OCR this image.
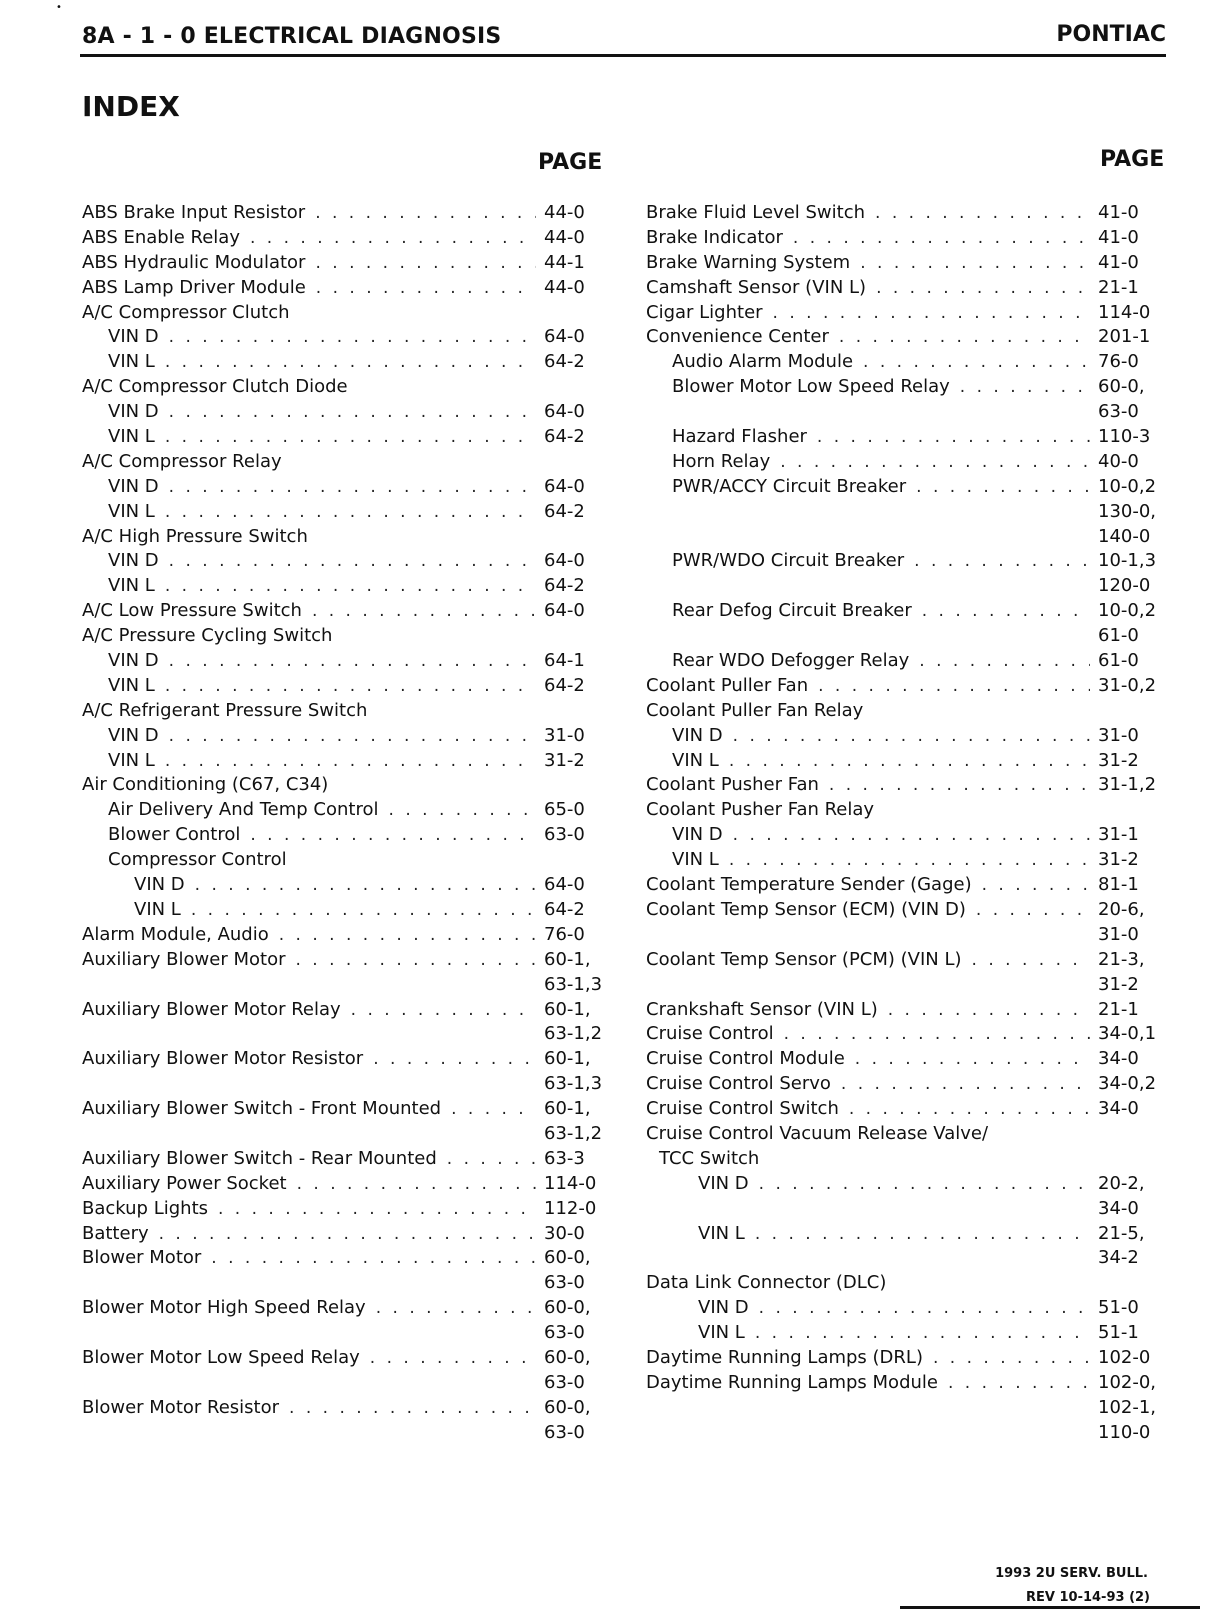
•
8A - 1 - 0 ELECTRICAL DIAGNOSIS	PONTIAC
INDEX
PAGE
ABS Brake Input Resistor . . .	44-0
ABS Enable Relay . . .	44-0
ABS Hydraulic Modulator . . .	44-1
ABS Lamp Driver Module . . .	44-0
A/C Compressor Clutch
VIN D . . .	64-0
VIN L . . .	64-2
A/C Compressor Clutch Diode
VIN D . . .	64-0
VIN L . . .	64-2
A/C Compressor Relay
VIN D . . .	64-0
VIN L . . .	64-2
A/C High Pressure Switch
VIN D . . .	64-0
VIN L . . .	64-2
A/C Low Pressure Switch . . .	64-0
A/C Pressure Cycling Switch
VIN D . . .	64-1
VIN L . . .	64-2
A/C Refrigerant Pressure Switch
VIN D . . .	31-0
VIN L . . .	31-2
Air Conditioning (C67, C34)
Air Delivery And Temp Control . . .	65-0
Blower Control . . .	63-0
Compressor Control
VIN D . . .	64-0
VIN L . . .	64-2
Alarm Module, Audio . . .	76-0
Auxiliary Blower Motor . . .	60-1,
63-1,3
Auxiliary Blower Motor Relay . . .	60-1,
63-1,2
Auxiliary Blower Motor Resistor . . .	60-1,
63-1,3
Auxiliary Blower Switch - Front Mounted . . .	60-1,
63-1,2
Auxiliary Blower Switch - Rear Mounted . . .	63-3
Auxiliary Power Socket . . .	114-0
Backup Lights . . .	112-0
Battery . . .	30-0
Blower Motor . . .	60-0,
63-0
Blower Motor High Speed Relay . . .	60-0,
63-0
Blower Motor Low Speed Relay . . .	60-0,
63-0
Blower Motor Resistor . . .	60-0,
63-0
PAGE
Brake Fluid Level Switch . . .	41-0
Brake Indicator . . .	41-0
Brake Warning System . . .	41-0
Camshaft Sensor (VIN L) . . .	21-1
Cigar Lighter . . .	114-0
Convenience Center . . .	201-1
Audio Alarm Module . . .	76-0
Blower Motor Low Speed Relay . . .	60-0,
63-0
Hazard Flasher . . .	110-3
Horn Relay . . .	40-0
PWR/ACCY Circuit Breaker . . .	10-0,2
130-0,
140-0
PWR/WDO Circuit Breaker . . .	10-1,3
120-0
Rear Defog Circuit Breaker . . .	10-0,2
61-0
Rear WDO Defogger Relay . . .	61-0
Coolant Puller Fan . . .	31-0,2
Coolant Puller Fan Relay
VIN D . . .	31-0
VIN L . . .	31-2
Coolant Pusher Fan . . .	31-1,2
Coolant Pusher Fan Relay
VIN D . . .	31-1
VIN L . . .	31-2
Coolant Temperature Sender (Gage) . . .	81-1
Coolant Temp Sensor (ECM) (VIN D) . . .	20-6,
31-0
Coolant Temp Sensor (PCM) (VIN L) . . .	21-3,
31-2
Crankshaft Sensor (VIN L) . . .	21-1
Cruise Control . . .	34-0,1
Cruise Control Module . . .	34-0
Cruise Control Servo . . .	34-0,2
Cruise Control Switch . . .	34-0
Cruise Control Vacuum Release Valve/
TCC Switch
VIN D . . .	20-2,
34-0
VIN L . . .	21-5,
34-2
Data Link Connector (DLC)
VIN D . . .	51-0
VIN L . . .	51-1
Daytime Running Lamps (DRL) . . .	102-0
Daytime Running Lamps Module . . .	102-0,
102-1,
110-0
1993 2U SERV. BULL.
REV 10-14-93 (2)
